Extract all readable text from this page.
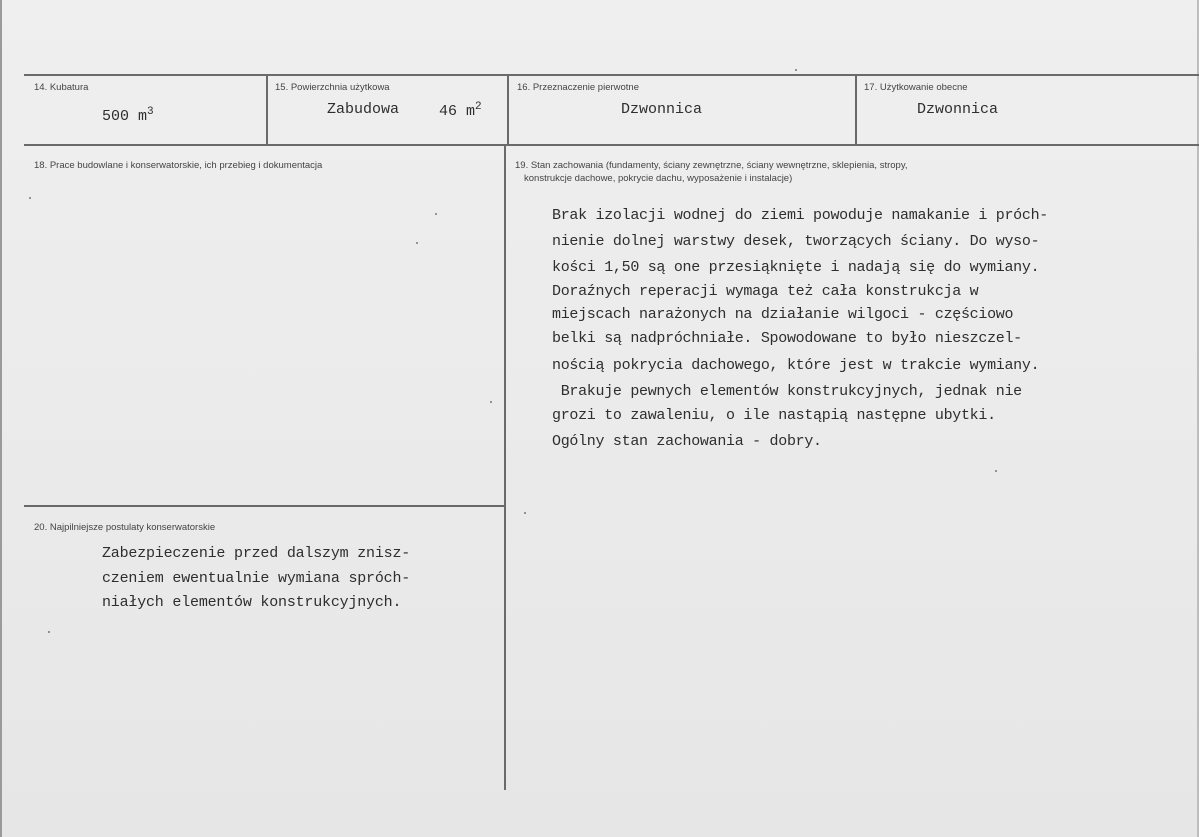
14. Kubatura
500 $m^3$
15. Powierzchnia użytkowa
Zabudowa	46 $m^2$
16. Przeznaczenie pierwotne
Dzwonnica
17. Użytkowanie obecne
Dzwonnica
18. Prace budowlane i konserwatorskie, ich przebieg i dokumentacja	19. Stan zachowania (fundamenty, ściany zewnętrzne, ściany wewnętrzne, sklepienia, stropy,
konstrukcje dachowe, pokrycie dachu, wyposażenie i instalacje)
Brak izolacji wodnej do ziemi powoduje namakanie i próch-
nienie dolnej warstwy desek, tworzących ściany. Do wyso-
kości 1,50 są one przesiąknięte i nadają się do wymiany.
Doraźnych reperacji wymaga też cała konstrukcja w
miejscach narażonych na działanie wilgoci - częściowo
belki są nadpróchniałe. Spowodowane to było nieszczel-
nością pokrycia dachowego, które jest w trakcie wymiany.
Brakuje pewnych elementów konstrukcyjnych, jednak nie
grozi to zawaleniu, o ile nastąpią następne ubytki.
Ogólny stan zachowania - dobry.
20. Najpilniejsze postulaty konserwatorskie
Zabezpieczenie przed dalszym znisz-
czeniem ewentualnie wymiana spróch-
niałych elementów konstrukcyjnych.
